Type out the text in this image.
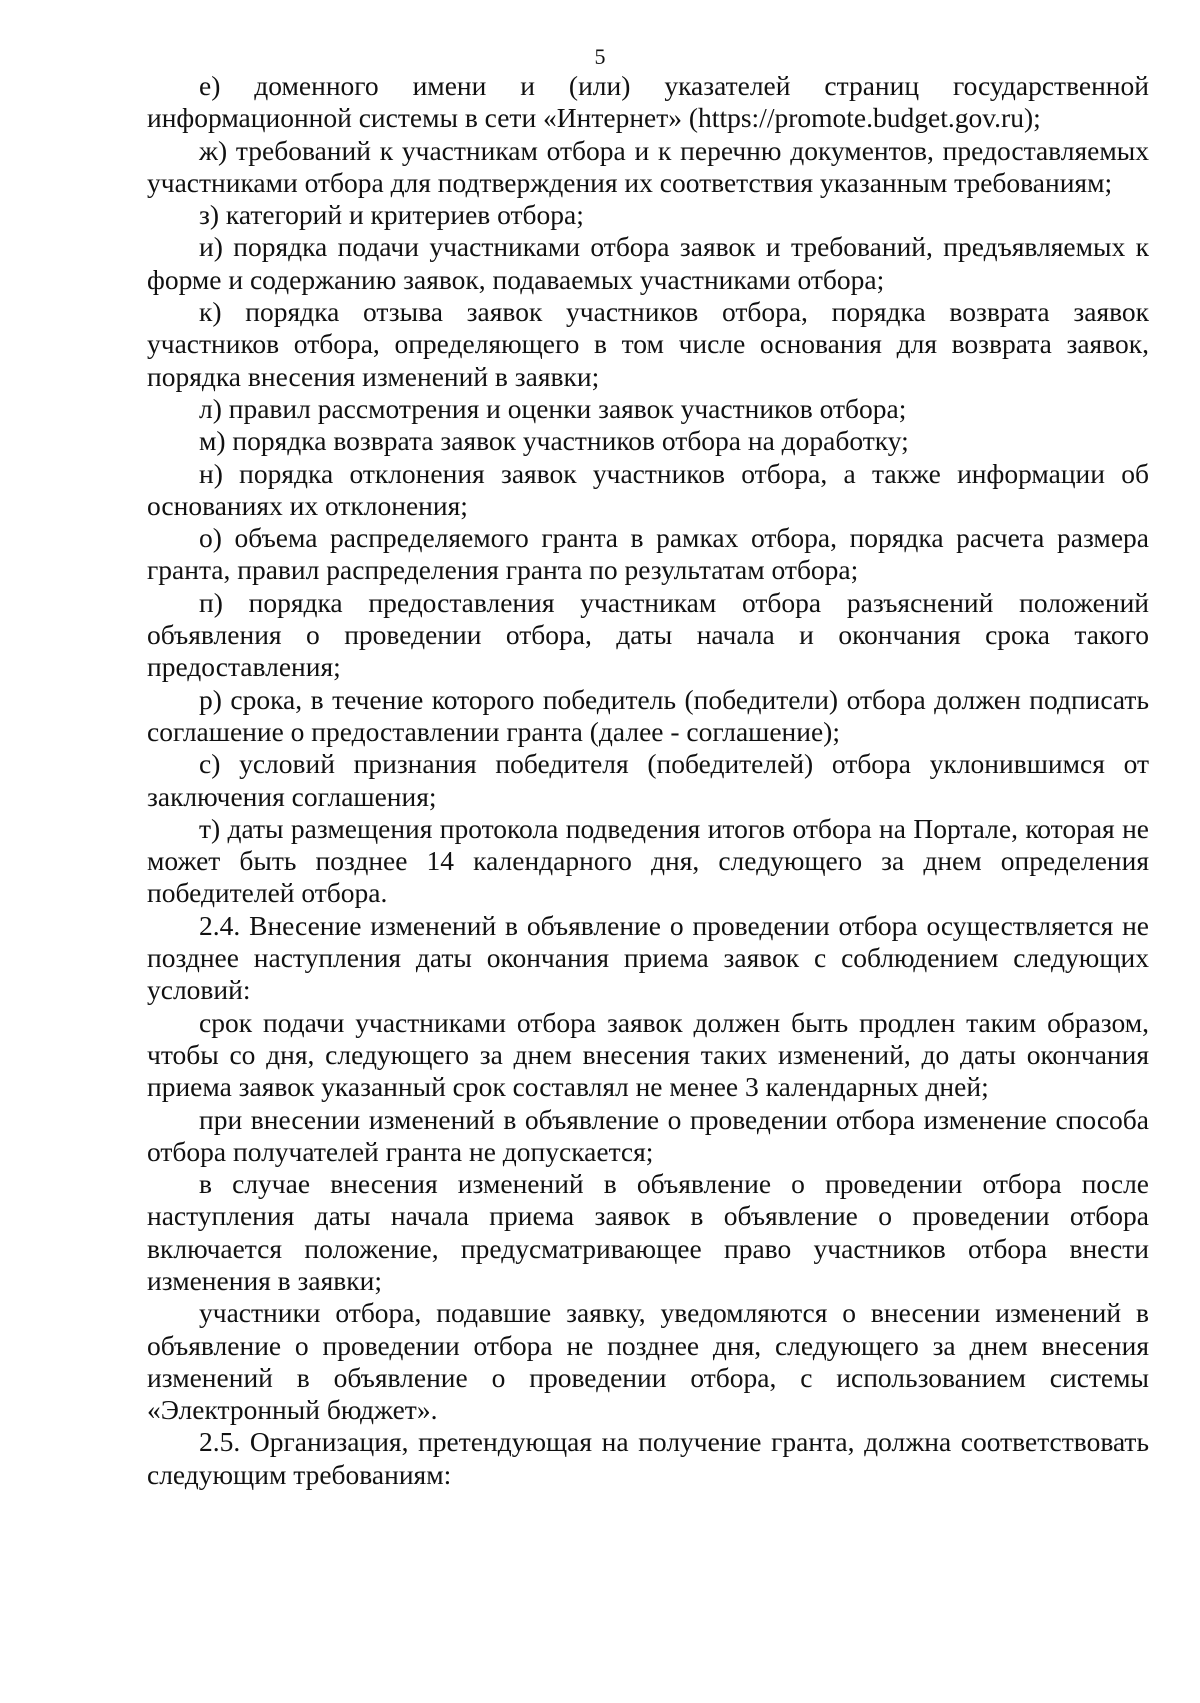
5

е) доменного имени и (или) указателей страниц государственной информационной системы в сети «Интернет» (https://promote.budget.gov.ru);

ж) требований к участникам отбора и к перечню документов, предоставляемых участниками отбора для подтверждения их соответствия указанным требованиям;

з) категорий и критериев отбора;

и) порядка подачи участниками отбора заявок и требований, предъявляемых к форме и содержанию заявок, подаваемых участниками отбора;

к) порядка отзыва заявок участников отбора, порядка возврата заявок участников отбора, определяющего в том числе основания для возврата заявок, порядка внесения изменений в заявки;

л) правил рассмотрения и оценки заявок участников отбора;

м) порядка возврата заявок участников отбора на доработку;

н) порядка отклонения заявок участников отбора, а также информации об основаниях их отклонения;

о) объема распределяемого гранта в рамках отбора, порядка расчета размера гранта, правил распределения гранта по результатам отбора;

п) порядка предоставления участникам отбора разъяснений положений объявления о проведении отбора, даты начала и окончания срока такого предоставления;

р) срока, в течение которого победитель (победители) отбора должен подписать соглашение о предоставлении гранта (далее - соглашение);

с) условий признания победителя (победителей) отбора уклонившимся от заключения соглашения;

т) даты размещения протокола подведения итогов отбора на Портале, которая не может быть позднее 14 календарного дня, следующего за днем определения победителей отбора.

2.4. Внесение изменений в объявление о проведении отбора осуществляется не позднее наступления даты окончания приема заявок с соблюдением следующих условий:

срок подачи участниками отбора заявок должен быть продлен таким образом, чтобы со дня, следующего за днем внесения таких изменений, до даты окончания приема заявок указанный срок составлял не менее 3 календарных дней;

при внесении изменений в объявление о проведении отбора изменение способа отбора получателей гранта не допускается;

в случае внесения изменений в объявление о проведении отбора после наступления даты начала приема заявок в объявление о проведении отбора включается положение, предусматривающее право участников отбора внести изменения в заявки;

участники отбора, подавшие заявку, уведомляются о внесении изменений в объявление о проведении отбора не позднее дня, следующего за днем внесения изменений в объявление о проведении отбора, с использованием системы «Электронный бюджет».

2.5. Организация, претендующая на получение гранта, должна соответствовать следующим требованиям:
